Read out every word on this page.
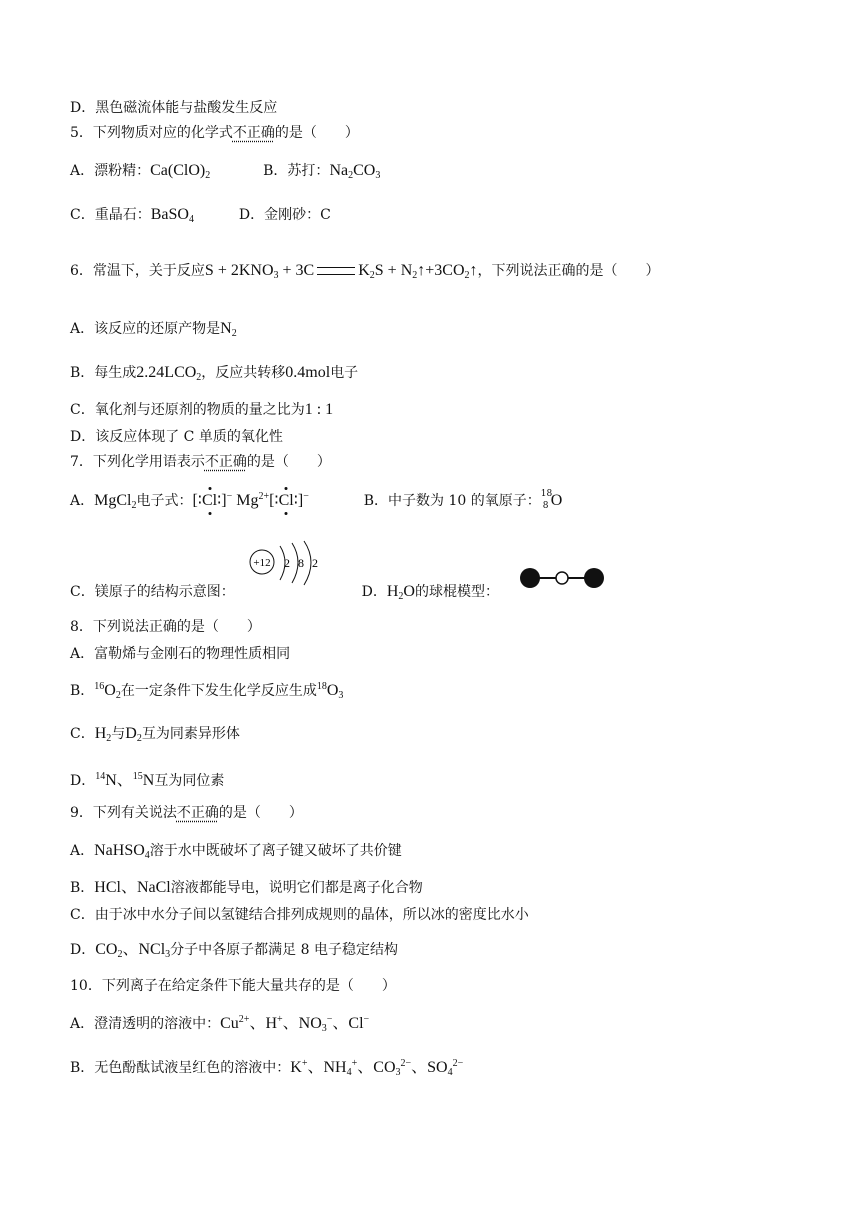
D．黑色磁流体能与盐酸发生反应
5．下列物质对应的化学式不正确的是（　　）
A．漂粉精：$Ca(ClO)_2$	B．苏打：$Na_2CO_3$
C．重晶石：BaSO$_4$	D．金刚砂：C
6．常温下，关于反应$S + 2KNO_3 + 3C$	$K_2S$ + $N_2↑+3CO_2↑$，下列说法正确的是（　　）
A．该反应的还原产物是$N_2$
B．每生成$2.24LCO_2$，反应共转移0.4mol电子
C．氧化剂与还原剂的物质的量之比为1 : 1
D．该反应体现了 C 单质的氧化性
7．下列化学用语表示不正确的是（　　）
A．MgCl$_2$电子式：[∶Cl∶]− $Mg^{2+}[∶Cl∶]^-$	B．中子数为 10 的氧原子： 18
8 O
+12 2 8 2
C．镁原子的结构示意图：	D．$H_2O$的球棍模型：
8．下列说法正确的是（　　）
A．富勒烯与金刚石的物理性质相同
B．$^{16}O_2$在一定条件下发生化学反应生成$^{18}O_3$
C．$H_2$与$D_2$互为同素异形体
D．$^{14}$N、$^{15}$N互为同位素
9．下列有关说法不正确的是（　　）
A．NaHSO$_4$溶于水中既破坏了离子键又破坏了共价键
B．HCl、NaCl溶液都能导电，说明它们都是离子化合物
C．由于冰中水分子间以氢键结合排列成规则的晶体，所以冰的密度比水小
D．$CO_2$、NCl$_3$分子中各原子都满足 8 电子稳定结构
10．下列离子在给定条件下能大量共存的是（　　）
A．澄清透明的溶液中：$Cu^{2+}$、H+、$NO_3^-$、Cl−
B．无色酚酞试液呈红色的溶液中：K+、$NH_4^+$、$CO_3^{2-}$、$SO_4^{2-}$
